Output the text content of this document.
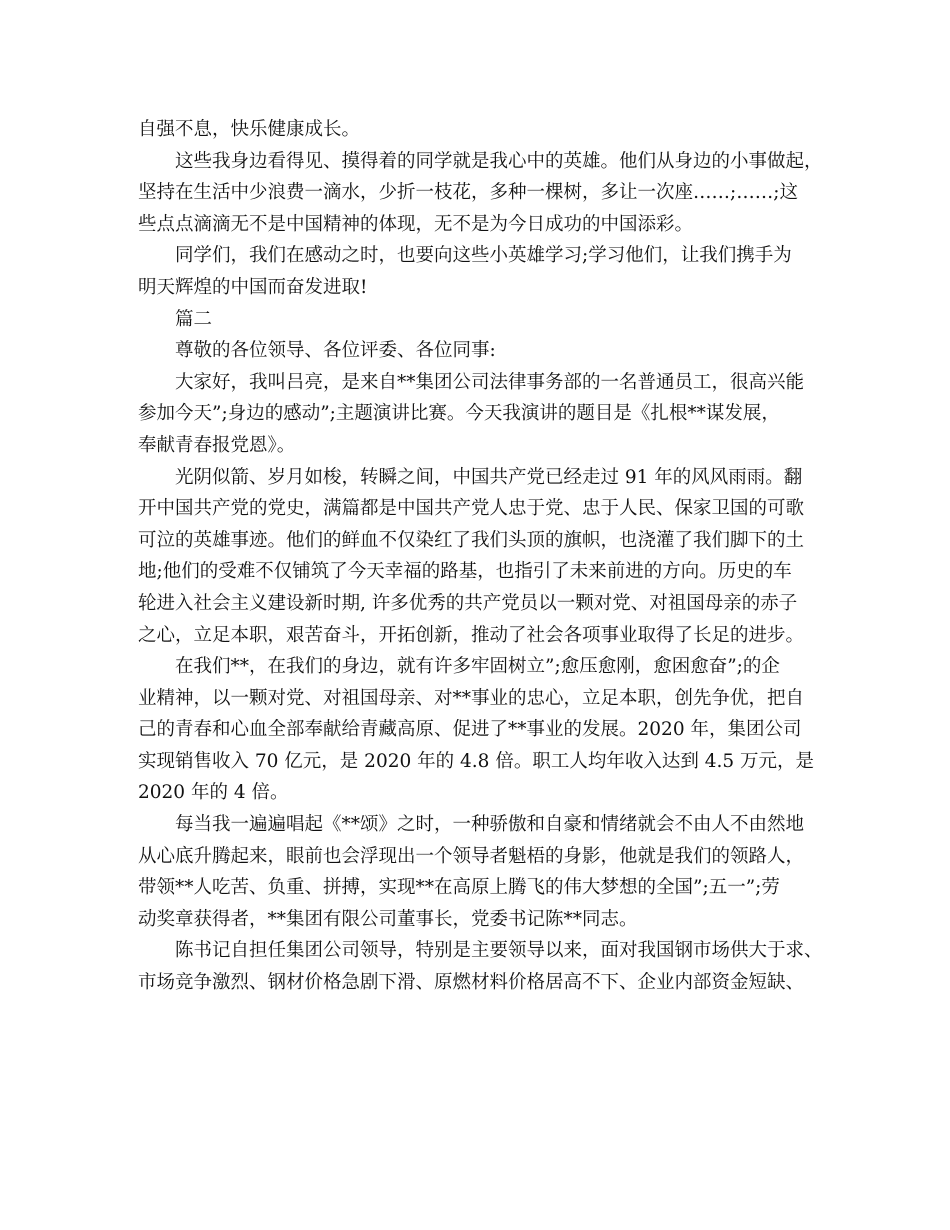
自强不息，快乐健康成长。
这些我身边看得见、摸得着的同学就是我心中的英雄。他们从身边的小事做起，
坚持在生活中少浪费一滴水，少折一枝花，多种一棵树，多让一次座……;……;这
些点点滴滴无不是中国精神的体现，无不是为今日成功的中国添彩。
同学们，我们在感动之时，也要向这些小英雄学习;学习他们，让我们携手为
明天辉煌的中国而奋发进取!
篇二
尊敬的各位领导、各位评委、各位同事:
大家好，我叫吕亮，是来自**集团公司法律事务部的一名普通员工，很高兴能
参加今天”;身边的感动”;主题演讲比赛。今天我演讲的题目是《扎根**谋发展，
奉献青春报党恩》。
光阴似箭、岁月如梭，转瞬之间，中国共产党已经走过 91 年的风风雨雨。翻
开中国共产党的党史，满篇都是中国共产党人忠于党、忠于人民、保家卫国的可歌
可泣的英雄事迹。他们的鲜血不仅染红了我们头顶的旗帜，也浇灌了我们脚下的土
地;他们的受难不仅铺筑了今天幸福的路基，也指引了未来前进的方向。历史的车
轮进入社会主义建设新时期, 许多优秀的共产党员以一颗对党、对祖国母亲的赤子
之心，立足本职，艰苦奋斗，开拓创新，推动了社会各项事业取得了长足的进步。
在我们**，在我们的身边，就有许多牢固树立”;愈压愈刚，愈困愈奋”;的企
业精神，以一颗对党、对祖国母亲、对**事业的忠心，立足本职，创先争优，把自
己的青春和心血全部奉献给青藏高原、促进了**事业的发展。2020 年，集团公司
实现销售收入 70 亿元，是 2020 年的 4.8 倍。职工人均年收入达到 4.5 万元，是
2020 年的 4 倍。
每当我一遍遍唱起《**颂》之时，一种骄傲和自豪和情绪就会不由人不由然地
从心底升腾起来，眼前也会浮现出一个领导者魁梧的身影，他就是我们的领路人，
带领**人吃苦、负重、拼搏，实现**在高原上腾飞的伟大梦想的全国”;五一”;劳
动奖章获得者，**集团有限公司董事长，党委书记陈**同志。
陈书记自担任集团公司领导，特别是主要领导以来，面对我国钢市场供大于求、
市场竞争激烈、钢材价格急剧下滑、原燃材料价格居高不下、企业内部资金短缺、
